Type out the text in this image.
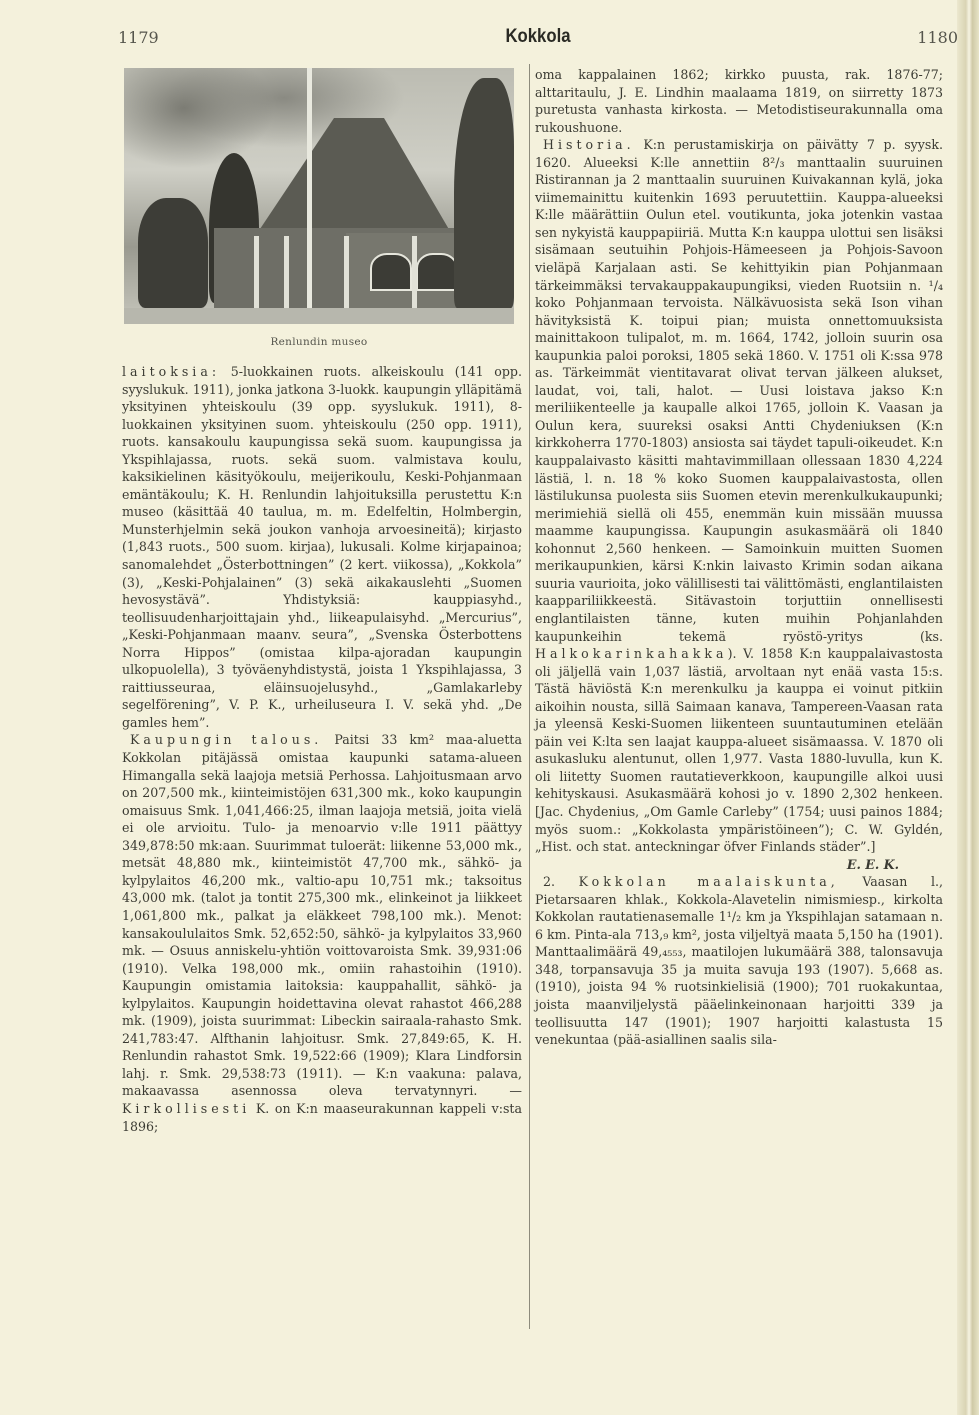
1179	Kokkola	1180
Renlundin museo

laitoksia: 5-luokkainen ruots. alkeiskoulu (141 opp. syyslukuk. 1911), jonka jatkona 3-luokk. kaupungin ylläpitämä yksityinen yhteiskoulu (39 opp. syyslukuk. 1911), 8-luokkainen yksityinen suom. yhteiskoulu (250 opp. 1911), ruots. kansakoulu kaupungissa sekä suom. kaupungissa ja Ykspihlajassa, ruots. sekä suom. valmistava koulu, kaksikielinen käsityökoulu, meijerikoulu, Keski-Pohjanmaan emäntäkoulu; K. H. Renlundin lahjoituksilla perustettu K:n museo (käsittää 40 taulua, m. m. Edelfeltin, Holmbergin, Munsterhjelmin sekä joukon vanhoja arvoesineitä); kirjasto (1,843 ruots., 500 suom. kirjaa), lukusali. Kolme kirjapainoa; sanomalehdet „Österbottningen” (2 kert. viikossa), „Kokkola” (3), „Keski-Pohjalainen” (3) sekä aikakauslehti „Suomen hevosystävä”. Yhdistyksiä: kauppiasyhd., teollisuudenharjoittajain yhd., liikeapulaisyhd. „Mercurius”, „Keski-Pohjanmaan maanv. seura”, „Svenska Österbottens Norra Hippos” (omistaa kilpa-ajoradan kaupungin ulkopuolella), 3 työväenyhdistystä, joista 1 Ykspihlajassa, 3 raittiusseuraa, eläinsuojelusyhd., „Gamlakarleby segelförening”, V. P. K., urheiluseura I. V. sekä yhd. „De gamles hem”.

Kaupungin talous. Paitsi 33 km² maa-aluetta Kokkolan pitäjässä omistaa kaupunki satama-alueen Himangalla sekä laajoja metsiä Perhossa. Lahjoitusmaan arvo on 207,500 mk., kiinteimistöjen 631,300 mk., koko kaupungin omaisuus Smk. 1,041,466:25, ilman laajoja metsiä, joita vielä ei ole arvioitu. Tulo- ja menoarvio v:lle 1911 päättyy 349,878:50 mk:aan. Suurimmat tuloerät: liikenne 53,000 mk., metsät 48,880 mk., kiinteimistöt 47,700 mk., sähkö- ja kylpylaitos 46,200 mk., valtio-apu 10,751 mk.; taksoitus 43,000 mk. (talot ja tontit 275,300 mk., elinkeinot ja liikkeet 1,061,800 mk., palkat ja eläkkeet 798,100 mk.). Menot: kansakoululaitos Smk. 52,652:50, sähkö- ja kylpylaitos 33,960 mk. — Osuus anniskelu-yhtiön voittovaroista Smk. 39,931:06 (1910). Velka 198,000 mk., omiin rahastoihin (1910). Kaupungin omistamia laitoksia: kauppahallit, sähkö- ja kylpylaitos. Kaupungin hoidettavina olevat rahastot 466,288 mk. (1909), joista suurimmat: Libeckin sairaala-rahasto Smk. 241,783:47. Alfthanin lahjoitusr. Smk. 27,849:65, K. H. Renlundin rahastot Smk. 19,522:66 (1909); Klara Lindforsin lahj. r. Smk. 29,538:73 (1911). — K:n vaakuna: palava, makaavassa asennossa oleva tervatynnyri. — Kirkollisesti K. on K:n maaseurakunnan kappeli v:sta 1896;

oma kappalainen 1862; kirkko puusta, rak. 1876-77; alttaritaulu, J. E. Lindhin maalaama 1819, on siirretty 1873 puretusta vanhasta kirkosta. — Metodistiseurakunnalla oma rukoushuone.

Historia. K:n perustamiskirja on päivätty 7 p. syysk. 1620. Alueeksi K:lle annettiin 8²/₃ manttaalin suuruinen Ristirannan ja 2 manttaalin suuruinen Kuivakannan kylä, joka viimemainittu kuitenkin 1693 peruutettiin. Kauppa-alueeksi K:lle määrättiin Oulun etel. voutikunta, joka jotenkin vastaa sen nykyistä kauppapiiriä. Mutta K:n kauppa ulottui sen lisäksi sisämaan seutuihin Pohjois-Hämeeseen ja Pohjois-Savoon vieläpä Karjalaan asti. Se kehittyikin pian Pohjanmaan tärkeimmäksi tervakauppakaupungiksi, vieden Ruotsiin n. ¹/₄ koko Pohjanmaan tervoista. Nälkävuosista sekä Ison vihan hävityksistä K. toipui pian; muista onnettomuuksista mainittakoon tulipalot, m. m. 1664, 1742, jolloin suurin osa kaupunkia paloi poroksi, 1805 sekä 1860. V. 1751 oli K:ssa 978 as. Tärkeimmät vientitavarat olivat tervan jälkeen alukset, laudat, voi, tali, halot. — Uusi loistava jakso K:n meriliikenteelle ja kaupalle alkoi 1765, jolloin K. Vaasan ja Oulun kera, suureksi osaksi Antti Chydeniuksen (K:n kirkkoherra 1770-1803) ansiosta sai täydet tapuli-oikeudet. K:n kauppalaivasto käsitti mahtavimmillaan ollessaan 1830 4,224 lästiä, l. n. 18 % koko Suomen kauppalaivastosta, ollen lästilukunsa puolesta siis Suomen etevin merenkulkukaupunki; merimiehiä siellä oli 455, enemmän kuin missään muussa maamme kaupungissa. Kaupungin asukasmäärä oli 1840 kohonnut 2,560 henkeen. — Samoinkuin muitten Suomen merikaupunkien, kärsi K:nkin laivasto Krimin sodan aikana suuria vaurioita, joko välillisesti tai välittömästi, englantilaisten kaappariliikkeestä. Sitävastoin torjuttiin onnellisesti englantilaisten tänne, kuten muihin Pohjanlahden kaupunkeihin tekemä ryöstö-yritys (ks. Halkokarinkahakka). V. 1858 K:n kauppalaivastosta oli jäljellä vain 1,037 lästiä, arvoltaan nyt enää vasta 15:s. Tästä häviöstä K:n merenkulku ja kauppa ei voinut pitkiin aikoihin nousta, sillä Saimaan kanava, Tampereen-Vaasan rata ja yleensä Keski-Suomen liikenteen suuntautuminen etelään päin vei K:lta sen laajat kauppa-alueet sisämaassa. V. 1870 oli asukasluku alentunut, ollen 1,977. Vasta 1880-luvulla, kun K. oli liitetty Suomen rautatieverkkoon, kaupungille alkoi uusi kehityskausi. Asukasmäärä kohosi jo v. 1890 2,302 henkeen. [Jac. Chydenius, „Om Gamle Carleby” (1754; uusi painos 1884; myös suom.: „Kokkolasta ympäristöineen”); C. W. Gyldén, „Hist. och stat. anteckningar öfver Finlands städer”.]
E. E. K.

2. Kokkolan maalaiskunta, Vaasan l., Pietarsaaren khlak., Kokkola-Alavetelin nimismiesp., kirkolta Kokkolan rautatienasemalle 1¹/₂ km ja Ykspihlajan satamaan n. 6 km. Pinta-ala 713,₉ km², josta viljeltyä maata 5,150 ha (1901). Manttaalimäärä 49,₄₅₅₃, maatilojen lukumäärä 388, talonsavuja 348, torpansavuja 35 ja muita savuja 193 (1907). 5,668 as. (1910), joista 94 % ruotsinkielisiä (1900); 701 ruokakuntaa, joista maanviljelystä pääelinkeinonaan harjoitti 339 ja teollisuutta 147 (1901); 1907 harjoitti kalastusta 15 venekuntaa (pää-asiallinen saalis sila-
